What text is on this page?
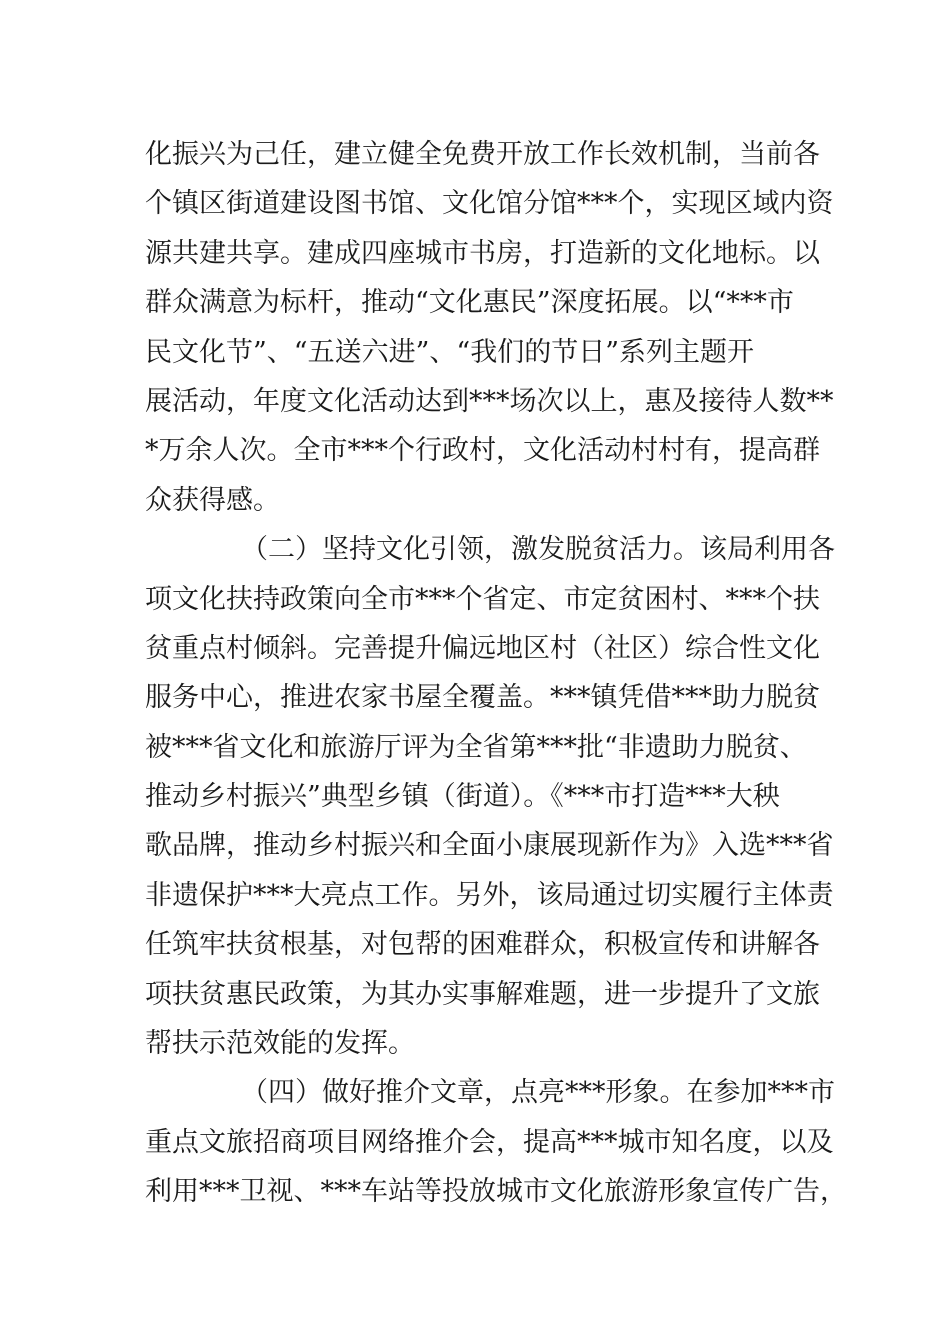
化振兴为己任，建立健全免费开放工作长效机制，当前各
个镇区街道建设图书馆、文化馆分馆***个，实现区域内资
源共建共享。建成四座城市书房，打造新的文化地标。以
群众满意为标杆，推动“文化惠民”深度拓展。以“***市
民文化节”、“五送六进”、“我们的节日”系列主题开
展活动，年度文化活动达到***场次以上，惠及接待人数**
*万余人次。全市***个行政村，文化活动村村有，提高群
众获得感。
（二）坚持文化引领，激发脱贫活力。该局利用各
项文化扶持政策向全市***个省定、市定贫困村、***个扶
贫重点村倾斜。完善提升偏远地区村（社区）综合性文化
服务中心，推进农家书屋全覆盖。***镇凭借***助力脱贫
被***省文化和旅游厅评为全省第***批“非遗助力脱贫、
推动乡村振兴”典型乡镇（街道）。《***市打造***大秧
歌品牌，推动乡村振兴和全面小康展现新作为》入选***省
非遗保护***大亮点工作。另外，该局通过切实履行主体责
任筑牢扶贫根基，对包帮的困难群众，积极宣传和讲解各
项扶贫惠民政策，为其办实事解难题，进一步提升了文旅
帮扶示范效能的发挥。
（四）做好推介文章，点亮***形象。在参加***市
重点文旅招商项目网络推介会，提高***城市知名度，以及
利用***卫视、***车站等投放城市文化旅游形象宣传广告，
